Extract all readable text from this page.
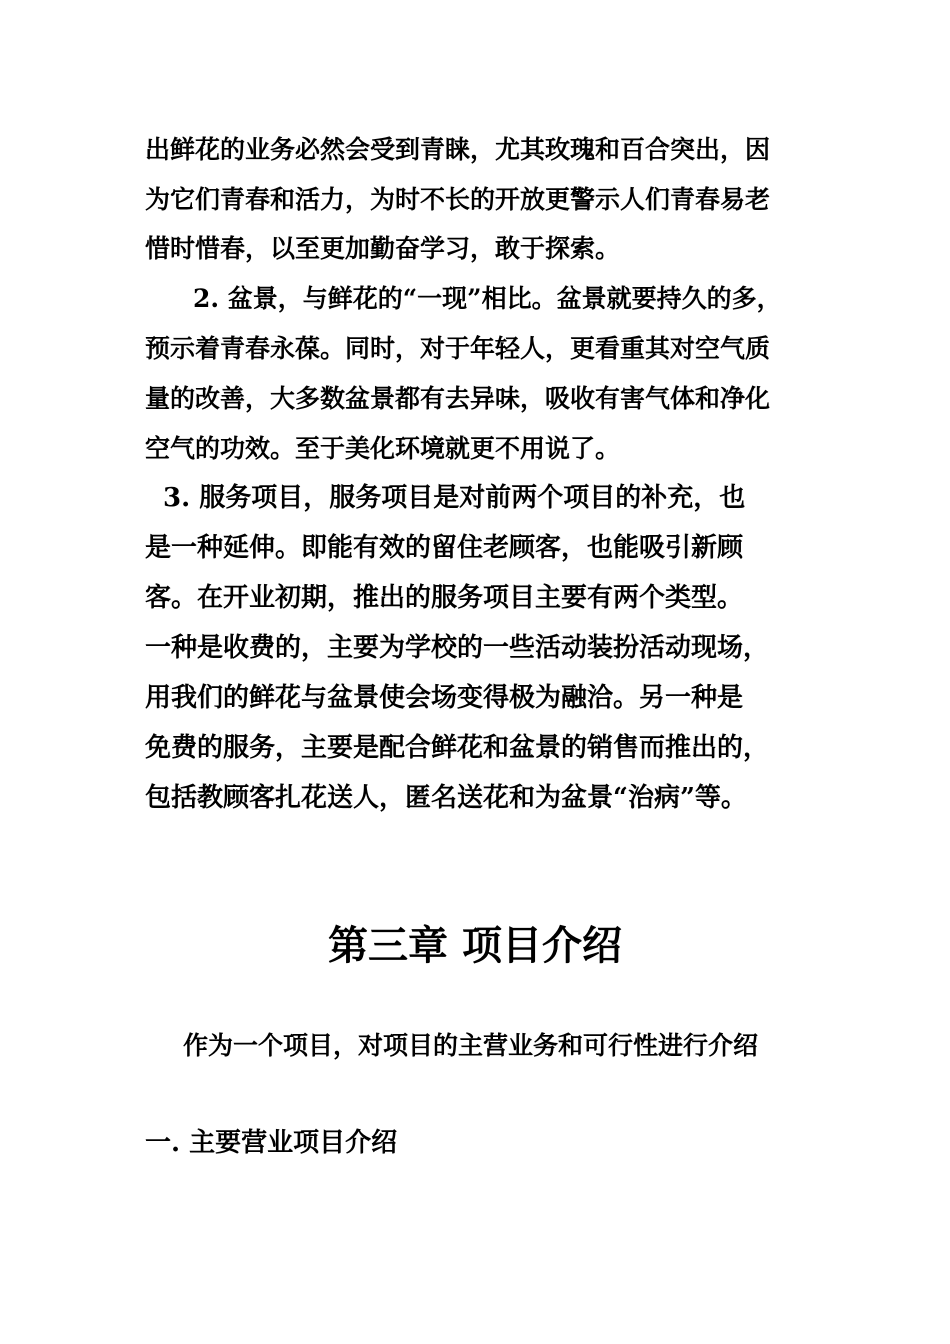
出鲜花的业务必然会受到青睐，尤其玫瑰和百合突出，因
为它们青春和活力，为时不长的开放更警示人们青春易老
惜时惜春，以至更加勤奋学习，敢于探索。
2. 盆景，与鲜花的“一现”相比。盆景就要持久的多，
预示着青春永葆。同时，对于年轻人，更看重其对空气质
量的改善，大多数盆景都有去异味，吸收有害气体和净化
空气的功效。至于美化环境就更不用说了。
3. 服务项目，服务项目是对前两个项目的补充，也
是一种延伸。即能有效的留住老顾客，也能吸引新顾
客。在开业初期，推出的服务项目主要有两个类型。
一种是收费的，主要为学校的一些活动装扮活动现场，
用我们的鲜花与盆景使会场变得极为融洽。另一种是
免费的服务，主要是配合鲜花和盆景的销售而推出的，
包括教顾客扎花送人，匿名送花和为盆景“治病”等。
第三章 项目介绍
作为一个项目，对项目的主营业务和可行性进行介绍
一. 主要营业项目介绍
